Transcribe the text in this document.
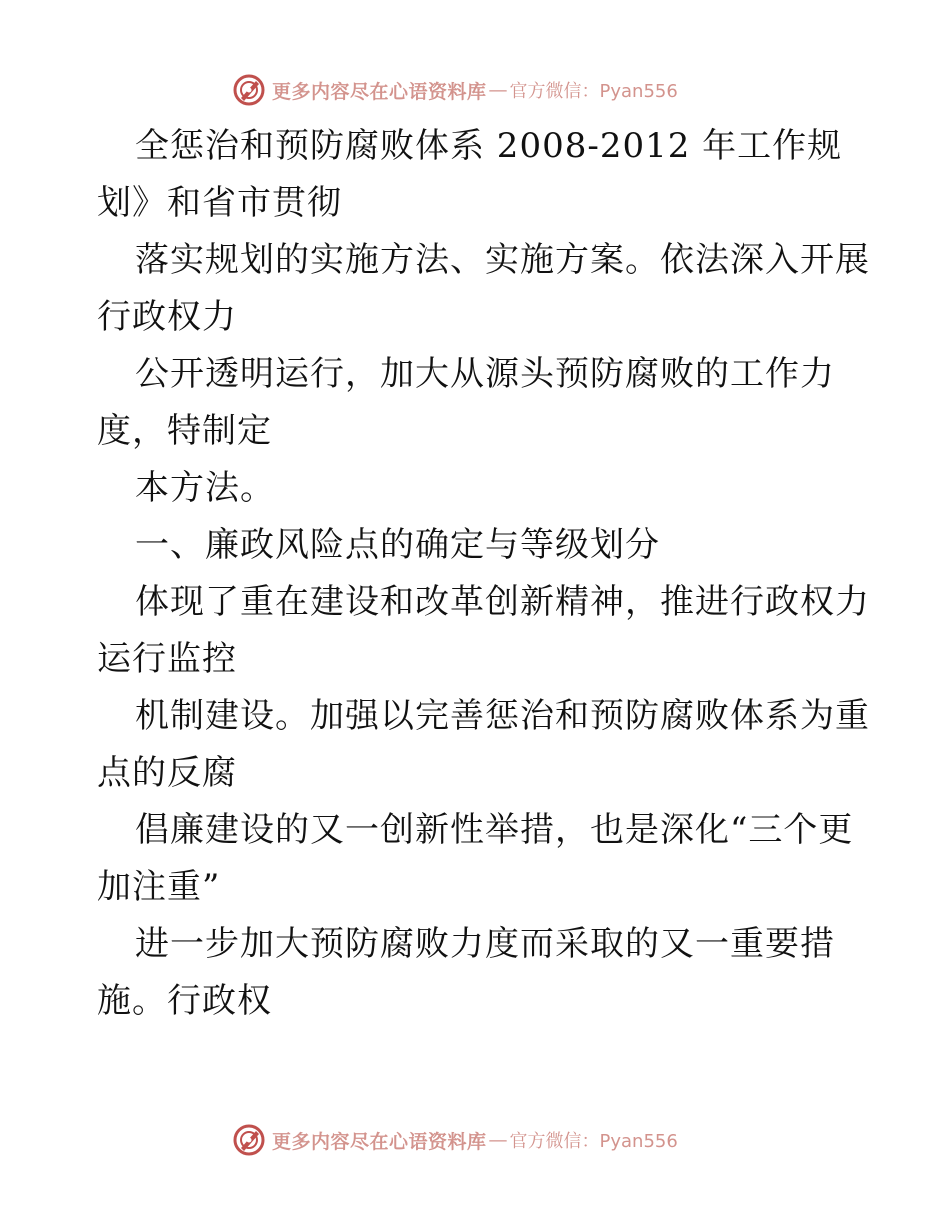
更多内容尽在心语资料库 — 官方微信：Pyan556
全惩治和预防腐败体系 2008-2012 年工作规
划》和省市贯彻
落实规划的实施方法、实施方案。依法深入开展
行政权力
公开透明运行，加大从源头预防腐败的工作力
度，特制定
本方法。
一、廉政风险点的确定与等级划分
体现了重在建设和改革创新精神，推进行政权力
运行监控
机制建设。加强以完善惩治和预防腐败体系为重
点的反腐
倡廉建设的又一创新性举措，也是深化“三个更
加注重”
进一步加大预防腐败力度而采取的又一重要措
施。行政权
更多内容尽在心语资料库 — 官方微信：Pyan556
